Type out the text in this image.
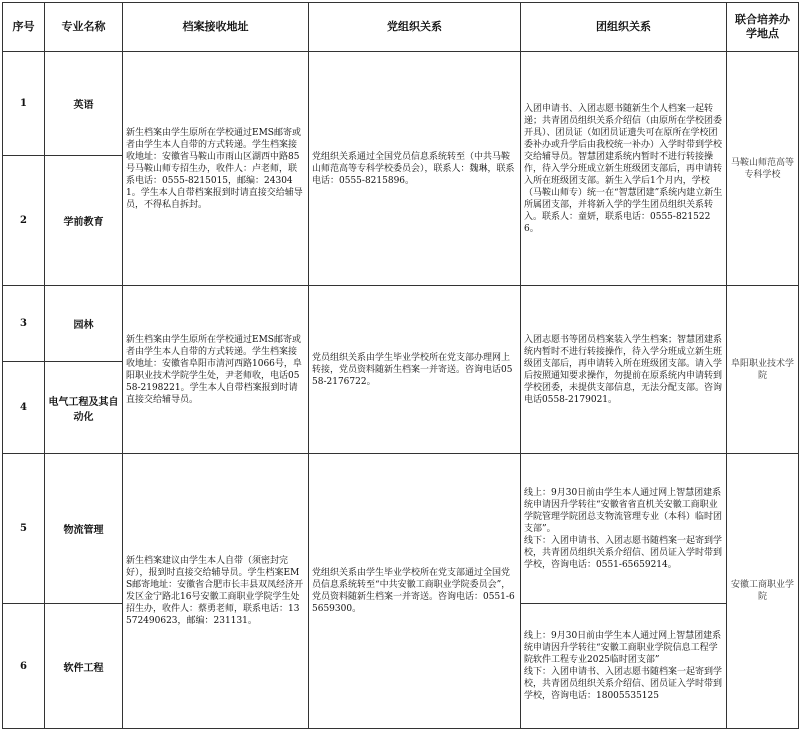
序号	专业名称	档案接收地址	党组织关系	团组织关系	联合培养办学地点
1	英语	新生档案由学生原所在学校通过EMS邮寄或者由学生本人自带的方式转递。学生档案接收地址：安徽省马鞍山市雨山区湖西中路85号马鞍山师专招生办，收件人：卢老师，联系电话：0555-8215015，邮编：243041。学生本人自带档案报到时请直接交给辅导员，不得私自拆封。	党组织关系通过全国党员信息系统转至（中共马鞍山师范高等专科学校委员会），联系人：魏琳，联系电话：0555-8215896。	入团申请书、入团志愿书随新生个人档案一起转递；共青团员组织关系介绍信（由原所在学校团委开具）、团员证（如团员证遗失可在原所在学校团委补办或升学后由我校统一补办）入学时带到学校交给辅导员。智慧团建系统内暂时不进行转接操作，待入学分班成立新生班级团支部后，再申请转入所在班级团支部。新生入学后1个月内，学校（马鞍山师专）统一在“智慧团建”系统内建立新生所属团支部，并将新入学的学生团员组织关系转入。联系人：童妍，联系电话：0555-8215226。	马鞍山师范高等专科学校
2	学前教育				
3	园林	新生档案由学生原所在学校通过EMS邮寄或者由学生本人自带的方式转递。学生档案接收地址：安徽省阜阳市清河西路1066号，阜阳职业技术学院学生处，尹老师收，电话0558-2198221。学生本人自带档案报到时请直接交给辅导员。	党员组织关系由学生毕业学校所在党支部办理网上转接，党员资料随新生档案一并寄送。咨询电话0558-2176722。	入团志愿书等团员档案装入学生档案；智慧团建系统内暂时不进行转接操作，待入学分班成立新生班级团支部后，再申请转入所在班级团支部。请入学后按照通知要求操作，勿提前在原系统内申请转到学校团委，未提供支部信息，无法分配支部。咨询电话0558-2179021。	阜阳职业技术学院
4	电气工程及其自动化				
5	物流管理	新生档案建议由学生本人自带（须密封完好），报到时直接交给辅导员。学生档案EMS邮寄地址：安徽省合肥市长丰县双凤经济开发区金宁路北16号安徽工商职业学院学生处招生办，收件人：蔡勇老师，联系电话：13572490623，邮编：231131。	党组织关系由学生毕业学校所在党支部通过全国党员信息系统转至“中共安徽工商职业学院委员会”，党员资料随新生档案一并寄送。咨询电话：0551-65659300。	线上：9月30日前由学生本人通过网上智慧团建系统申请因升学转往“安徽省省直机关安徽工商职业学院管理学院团总支物流管理专业（本科）临时团支部”。
线下：入团申请书、入团志愿书随档案一起寄到学校，共青团员组织关系介绍信、团员证入学时带到学校，咨询电话：0551-65659214。	安徽工商职业学院
6	软件工程			线上：9月30日前由学生本人通过网上智慧团建系统申请因升学转往“安徽工商职业学院信息工程学院软件工程专业2025临时团支部”
线下：入团申请书、入团志愿书随档案一起寄到学校，共青团员组织关系介绍信、团员证入学时带到学校，咨询电话：18005535125	
